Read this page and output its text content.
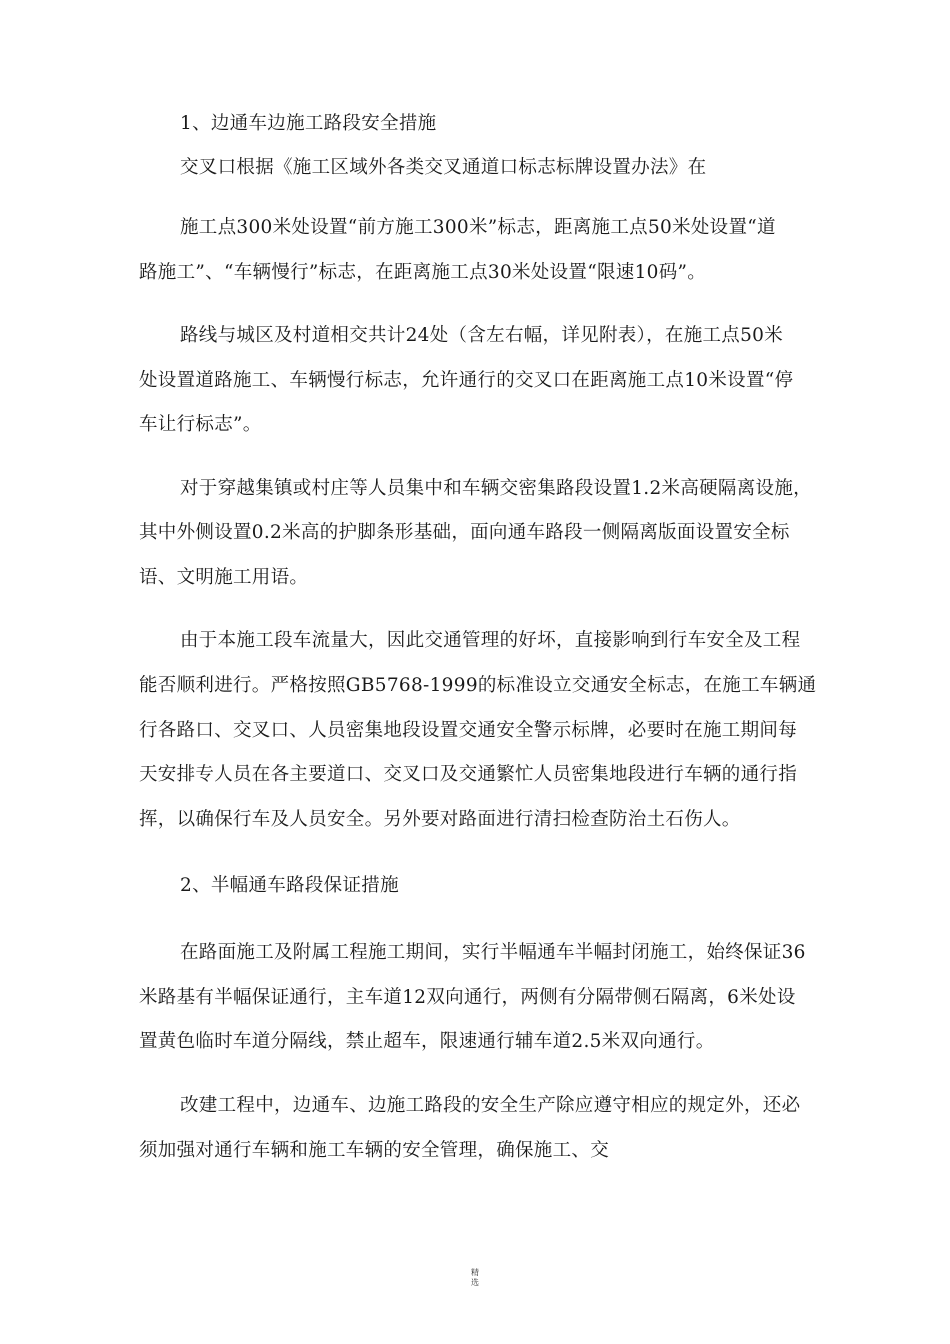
1、边通车边施工路段安全措施
交叉口根据《施工区域外各类交叉通道口标志标牌设置办法》在
施工点300米处设置“前方施工300米”标志，距离施工点50米处设置“道
路施工”、“车辆慢行”标志，在距离施工点30米处设置“限速10码”。
路线与城区及村道相交共计24处（含左右幅，详见附表），在施工点50米
处设置道路施工、车辆慢行标志，允许通行的交叉口在距离施工点10米设置“停
车让行标志”。
对于穿越集镇或村庄等人员集中和车辆交密集路段设置1.2米高硬隔离设施，
其中外侧设置0.2米高的护脚条形基础，面向通车路段一侧隔离版面设置安全标
语、文明施工用语。
由于本施工段车流量大，因此交通管理的好坏，直接影响到行车安全及工程
能否顺利进行。严格按照GB5768-1999的标准设立交通安全标志，在施工车辆通
行各路口、交叉口、人员密集地段设置交通安全警示标牌，必要时在施工期间每
天安排专人员在各主要道口、交叉口及交通繁忙人员密集地段进行车辆的通行指
挥，以确保行车及人员安全。另外要对路面进行清扫检查防治土石伤人。
2、半幅通车路段保证措施
在路面施工及附属工程施工期间，实行半幅通车半幅封闭施工，始终保证36
米路基有半幅保证通行，主车道12双向通行，两侧有分隔带侧石隔离，6米处设
置黄色临时车道分隔线，禁止超车，限速通行辅车道2.5米双向通行。
改建工程中，边通车、边施工路段的安全生产除应遵守相应的规定外，还必
须加强对通行车辆和施工车辆的安全管理，确保施工、交
精
选
